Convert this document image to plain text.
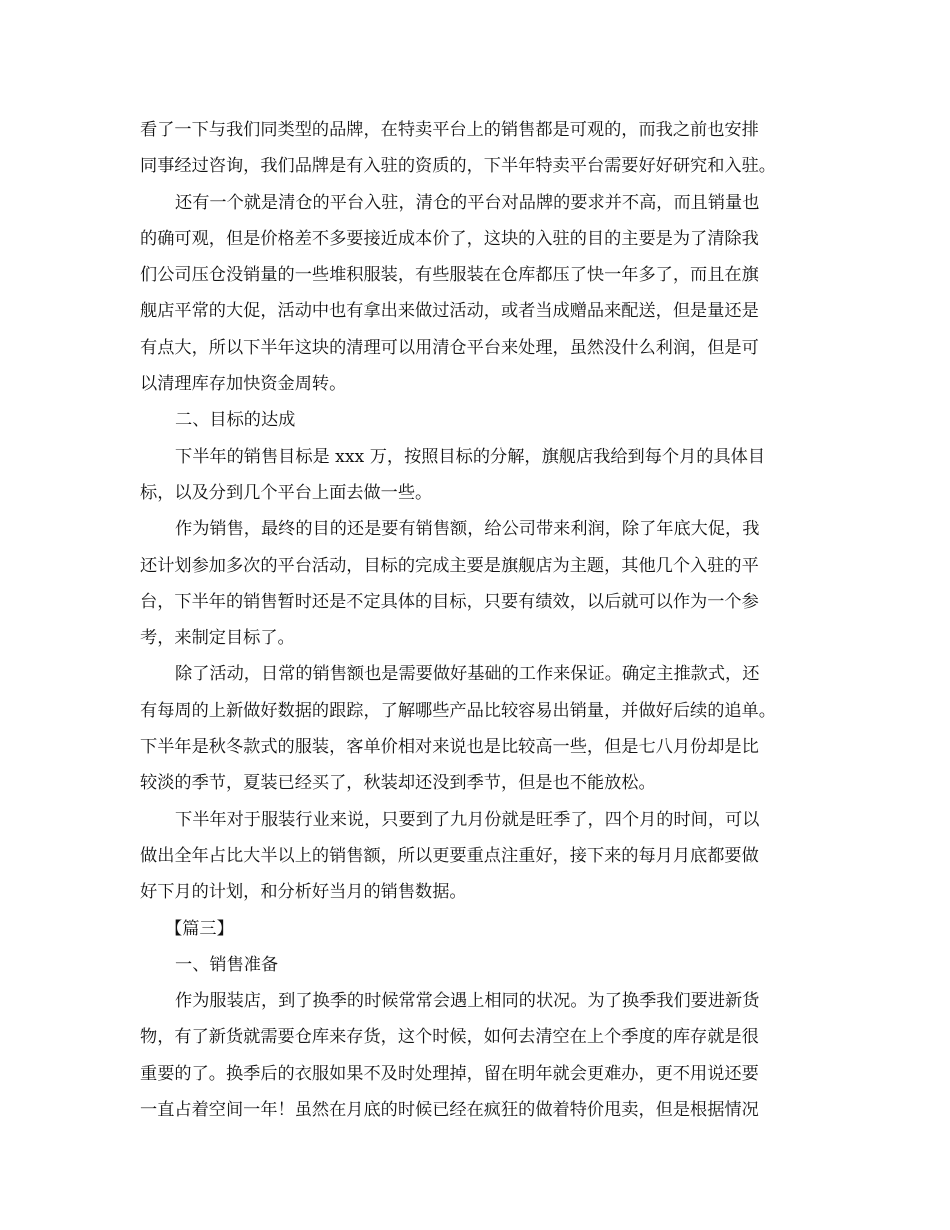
看了一下与我们同类型的品牌，在特卖平台上的销售都是可观的，而我之前也安排
同事经过咨询，我们品牌是有入驻的资质的，下半年特卖平台需要好好研究和入驻。
还有一个就是清仓的平台入驻，清仓的平台对品牌的要求并不高，而且销量也
的确可观，但是价格差不多要接近成本价了，这块的入驻的目的主要是为了清除我
们公司压仓没销量的一些堆积服装，有些服装在仓库都压了快一年多了，而且在旗
舰店平常的大促，活动中也有拿出来做过活动，或者当成赠品来配送，但是量还是
有点大，所以下半年这块的清理可以用清仓平台来处理，虽然没什么利润，但是可
以清理库存加快资金周转。
二、目标的达成
下半年的销售目标是 xxx 万，按照目标的分解，旗舰店我给到每个月的具体目
标，以及分到几个平台上面去做一些。
作为销售，最终的目的还是要有销售额，给公司带来利润，除了年底大促，我
还计划参加多次的平台活动，目标的完成主要是旗舰店为主题，其他几个入驻的平
台，下半年的销售暂时还是不定具体的目标，只要有绩效，以后就可以作为一个参
考，来制定目标了。
除了活动，日常的销售额也是需要做好基础的工作来保证。确定主推款式，还
有每周的上新做好数据的跟踪，了解哪些产品比较容易出销量，并做好后续的追单。
下半年是秋冬款式的服装，客单价相对来说也是比较高一些，但是七八月份却是比
较淡的季节，夏装已经买了，秋装却还没到季节，但是也不能放松。
下半年对于服装行业来说，只要到了九月份就是旺季了，四个月的时间，可以
做出全年占比大半以上的销售额，所以更要重点注重好，接下来的每月月底都要做
好下月的计划，和分析好当月的销售数据。
【篇三】
一、销售准备
作为服装店，到了换季的时候常常会遇上相同的状况。为了换季我们要进新货
物，有了新货就需要仓库来存货，这个时候，如何去清空在上个季度的库存就是很
重要的了。换季后的衣服如果不及时处理掉，留在明年就会更难办，更不用说还要
一直占着空间一年！虽然在月底的时候已经在疯狂的做着特价甩卖，但是根据情况
